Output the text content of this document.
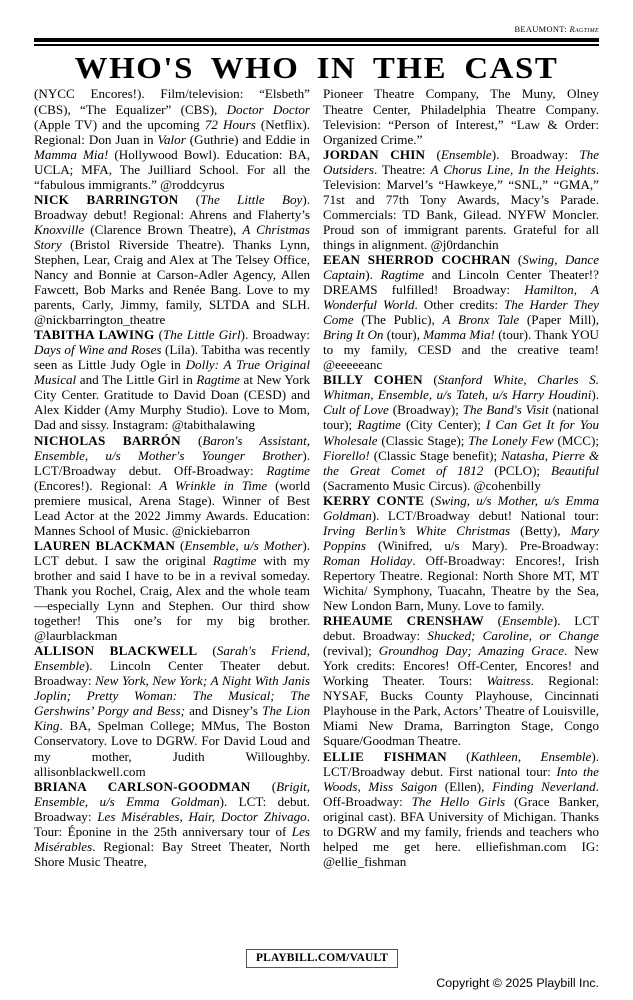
BEAUMONT: Ragtime
WHO'S WHO IN THE CAST

(NYCC Encores!). Film/television: “Elsbeth” (CBS), “The Equalizer” (CBS), Doctor Doctor (Apple TV) and the upcoming 72 Hours (Netflix). Regional: Don Juan in Valor (Guthrie) and Eddie in Mamma Mia! (Hollywood Bowl). Education: BA, UCLA; MFA, The Juilliard School. For all the “fabulous immigrants.” @roddcyrus

NICK BARRINGTON (The Little Boy). Broadway debut! Regional: Ahrens and Flaherty’s Knoxville (Clarence Brown Theatre), A Christmas Story (Bristol Riverside Theatre). Thanks Lynn, Stephen, Lear, Craig and Alex at The Telsey Office, Nancy and Bonnie at Carson-Adler Agency, Allen Fawcett, Bob Marks and Renée Bang. Love to my parents, Carly, Jimmy, family, SLTDA and SLH. @nickbarrington_theatre

TABITHA LAWING (The Little Girl). Broadway: Days of Wine and Roses (Lila). Tabitha was recently seen as Little Judy Ogle in Dolly: A True Original Musical and The Little Girl in Ragtime at New York City Center. Gratitude to David Doan (CESD) and Alex Kidder (Amy Murphy Studio). Love to Mom, Dad and sissy. Instagram: @tabithalawing

NICHOLAS BARRÓN (Baron's Assistant, Ensemble, u/s Mother's Younger Brother). LCT/Broadway debut. Off-Broadway: Ragtime (Encores!). Regional: A Wrinkle in Time (world premiere musical, Arena Stage). Winner of Best Lead Actor at the 2022 Jimmy Awards. Education: Mannes School of Music. @nickiebarron

LAUREN BLACKMAN (Ensemble, u/s Mother). LCT debut. I saw the original Ragtime with my brother and said I have to be in a revival someday. Thank you Rochel, Craig, Alex and the whole team—especially Lynn and Stephen. Our third show together! This one’s for my big brother. @laurblackman

ALLISON BLACKWELL (Sarah's Friend, Ensemble). Lincoln Center Theater debut. Broadway: New York, New York; A Night With Janis Joplin; Pretty Woman: The Musical; The Gershwins’ Porgy and Bess; and Disney’s The Lion King. BA, Spelman College; MMus, The Boston Conservatory. Love to DGRW. For David Loud and my mother, Judith Willoughby. allisonblackwell.com

BRIANA CARLSON-GOODMAN (Brigit, Ensemble, u/s Emma Goldman). LCT: debut. Broadway: Les Misérables, Hair, Doctor Zhivago. Tour: Éponine in the 25th anniversary tour of Les Misérables. Regional: Bay Street Theater, North Shore Music Theatre,

Pioneer Theatre Company, The Muny, Olney Theatre Center, Philadelphia Theatre Company. Television: “Person of Interest,” “Law & Order: Organized Crime.”

JORDAN CHIN (Ensemble). Broadway: The Outsiders. Theatre: A Chorus Line, In the Heights. Television: Marvel’s “Hawkeye,” “SNL,” “GMA,” 71st and 77th Tony Awards, Macy’s Parade. Commercials: TD Bank, Gilead. NYFW Moncler. Proud son of immigrant parents. Grateful for all things in alignment. @j0rdanchin

EEAN SHERROD COCHRAN (Swing, Dance Captain). Ragtime and Lincoln Center Theater!? DREAMS fulfilled! Broadway: Hamilton, A Wonderful World. Other credits: The Harder They Come (The Public), A Bronx Tale (Paper Mill), Bring It On (tour), Mamma Mia! (tour). Thank YOU to my family, CESD and the creative team! @eeeeeanc

BILLY COHEN (Stanford White, Charles S. Whitman, Ensemble, u/s Tateh, u/s Harry Houdini). Cult of Love (Broadway); The Band's Visit (national tour); Ragtime (City Center); I Can Get It for You Wholesale (Classic Stage); The Lonely Few (MCC); Fiorello! (Classic Stage benefit); Natasha, Pierre & the Great Comet of 1812 (PCLO); Beautiful (Sacramento Music Circus). @cohenbilly

KERRY CONTE (Swing, u/s Mother, u/s Emma Goldman). LCT/Broadway debut! National tour: Irving Berlin’s White Christmas (Betty), Mary Poppins (Winifred, u/s Mary). Pre-Broadway: Roman Holiday. Off-Broadway: Encores!, Irish Repertory Theatre. Regional: North Shore MT, MT Wichita/ Symphony, Tuacahn, Theatre by the Sea, New London Barn, Muny. Love to family.

RHEAUME CRENSHAW (Ensemble). LCT debut. Broadway: Shucked; Caroline, or Change (revival); Groundhog Day; Amazing Grace. New York credits: Encores! Off-Center, Encores! and Working Theater. Tours: Waitress. Regional: NYSAF, Bucks County Playhouse, Cincinnati Playhouse in the Park, Actors’ Theatre of Louisville, Miami New Drama, Barrington Stage, Congo Square/Goodman Theatre.

ELLIE FISHMAN (Kathleen, Ensemble). LCT/Broadway debut. First national tour: Into the Woods, Miss Saigon (Ellen), Finding Neverland. Off-Broadway: The Hello Girls (Grace Banker, original cast). BFA University of Michigan. Thanks to DGRW and my family, friends and teachers who helped me get here. elliefishman.com IG: @ellie_fishman

PLAYBILL.COM/VAULT
Copyright © 2025 Playbill Inc.
